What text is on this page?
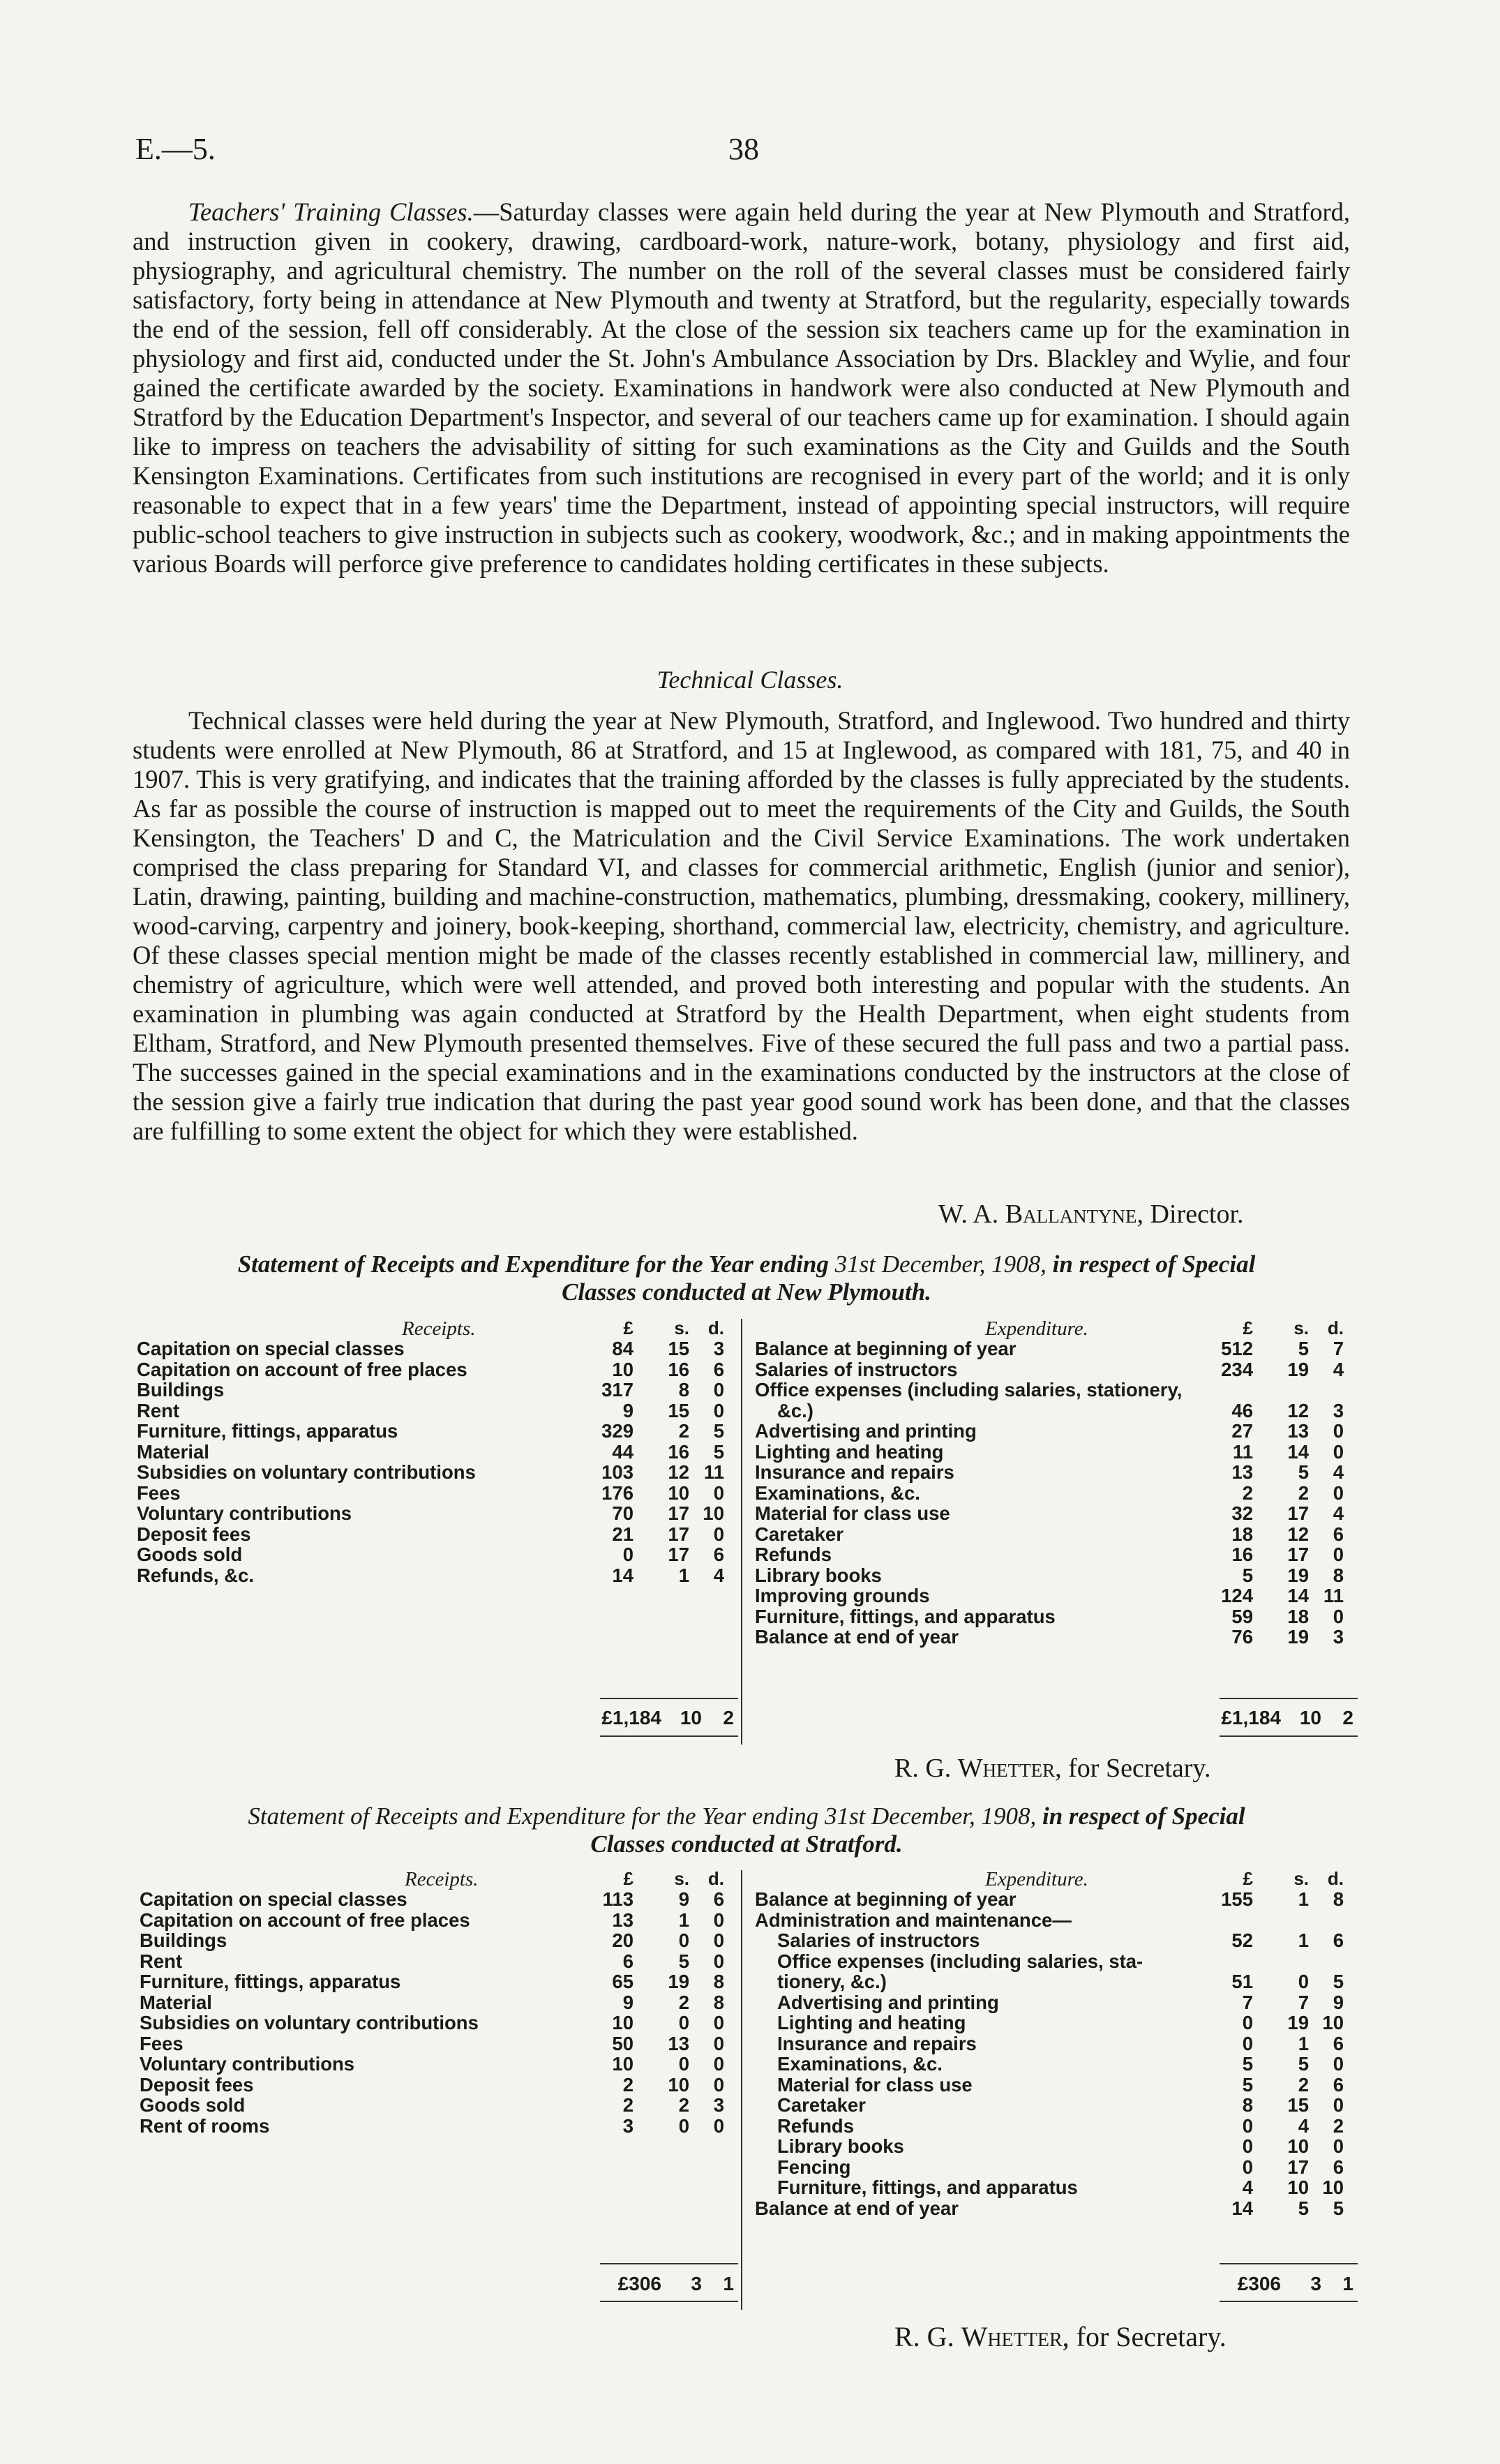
E.—5.	38

Teachers' Training Classes.—Saturday classes were again held during the year at New Plymouth and Stratford, and instruction given in cookery, drawing, cardboard-work, nature-work, botany, physiology and first aid, physiography, and agricultural chemistry. The number on the roll of the several classes must be considered fairly satisfactory, forty being in attendance at New Plymouth and twenty at Stratford, but the regularity, especially towards the end of the session, fell off considerably. At the close of the session six teachers came up for the examination in physiology and first aid, conducted under the St. John's Ambulance Association by Drs. Blackley and Wylie, and four gained the certificate awarded by the society. Examinations in handwork were also conducted at New Plymouth and Stratford by the Education Department's Inspector, and several of our teachers came up for examination. I should again like to impress on teachers the advisability of sitting for such examinations as the City and Guilds and the South Kensington Examinations. Certificates from such institutions are recognised in every part of the world; and it is only reasonable to expect that in a few years' time the Department, instead of appointing special instructors, will require public-school teachers to give instruction in subjects such as cookery, woodwork, &c.; and in making appointments the various Boards will perforce give preference to candidates holding certificates in these subjects.

Technical Classes.

Technical classes were held during the year at New Plymouth, Stratford, and Inglewood. Two hundred and thirty students were enrolled at New Plymouth, 86 at Stratford, and 15 at Inglewood, as compared with 181, 75, and 40 in 1907. This is very gratifying, and indicates that the training afforded by the classes is fully appreciated by the students. As far as possible the course of instruction is mapped out to meet the requirements of the City and Guilds, the South Kensington, the Teachers' D and C, the Matriculation and the Civil Service Examinations. The work undertaken comprised the class preparing for Standard VI, and classes for commercial arithmetic, English (junior and senior), Latin, drawing, painting, building and machine-construction, mathematics, plumbing, dressmaking, cookery, millinery, wood-carving, carpentry and joinery, book-keeping, shorthand, commercial law, electricity, chemistry, and agriculture. Of these classes special mention might be made of the classes recently established in commercial law, millinery, and chemistry of agriculture, which were well attended, and proved both interesting and popular with the students. An examination in plumbing was again conducted at Stratford by the Health Department, when eight students from Eltham, Stratford, and New Plymouth presented themselves. Five of these secured the full pass and two a partial pass. The successes gained in the special examinations and in the examinations conducted by the instructors at the close of the session give a fairly true indication that during the past year good sound work has been done, and that the classes are fulfilling to some extent the object for which they were established.

W. A. Ballantyne, Director.

Statement of Receipts and Expenditure for the Year ending 31st December, 1908, in respect of Special
Classes conducted at New Plymouth.

Receipts.	£	s.	d.
Capitation on special classes	84	15	3
Capitation on account of free places	10	16	6
Buildings	317	8	0
Rent	9	15	0
Furniture, fittings, apparatus	329	2	5
Material	44	16	5
Subsidies on voluntary contributions	103	12 11
Fees	176	10	0
Voluntary contributions	70	17 10
Deposit fees	21	17	0
Goods sold	0	17	6
Refunds, &c.	14	1	4
Expenditure.	£	s.	d.
Balance at beginning of year	512	5	7
Salaries of instructors	234	19	4
Office expenses (including salaries, stationery,
&c.)	46	12	3
Advertising and printing	27	13	0
Lighting and heating	11	14	0
Insurance and repairs	13	5	4
Examinations, &c.	2	2	0
Material for class use	32	17	4
Caretaker	18	12	6
Refunds	16	17	0
Library books	5	19	8
Improving grounds	124	14 11
Furniture, fittings, and apparatus	59	18	0
Balance at end of year	76	19	3
£1,184 10 2	£1,184 10 2
R. G. Whetter, for Secretary.

Statement of Receipts and Expenditure for the Year ending 31st December, 1908, in respect of Special
Classes conducted at Stratford.

Receipts.	£	s.	d.
Capitation on special classes	113	9	6
Capitation on account of free places	13	1	0
Buildings	20	0	0
Rent	6	5	0
Furniture, fittings, apparatus	65	19	8
Material	9	2	8
Subsidies on voluntary contributions	10	0	0
Fees	50	13	0
Voluntary contributions	10	0	0
Deposit fees	2	10	0
Goods sold	2	2	3
Rent of rooms	3	0	0
Expenditure.	£	s.	d.
Balance at beginning of year	155	1	8
Administration and maintenance—
Salaries of instructors	52	1	6
Office expenses (including salaries, sta-
tionery, &c.)	51	0	5
Advertising and printing	7	7	9
Lighting and heating	0	19 10
Insurance and repairs	0	1	6
Examinations, &c.	5	5	0
Material for class use	5	2	6
Caretaker	8	15	0
Refunds	0	4	2
Library books	0	10	0
Fencing	0	17	6
Furniture, fittings, and apparatus	4	10 10
Balance at end of year	14	5	5
£306 3 1	£306 3 1
R. G. Whetter, for Secretary.
